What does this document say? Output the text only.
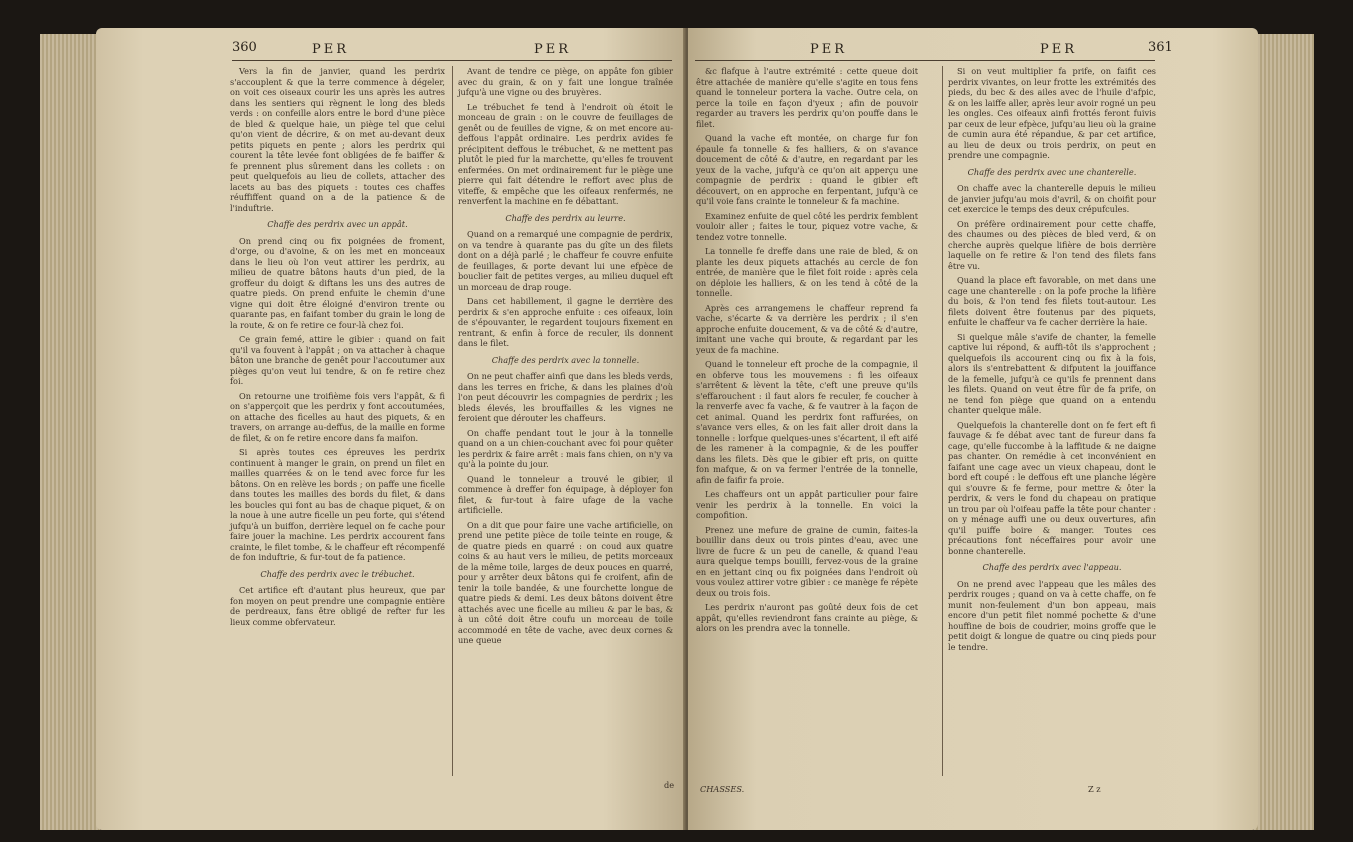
360	PER	PER

Vers la fin de janvier, quand les perdrix s'accouplent & que la terre commence à dégeler, on voit ces oiseaux courir les uns après les autres dans les sentiers qui règnent le long des bleds verds : on confeille alors entre le bord d'une pièce de bled & quelque haie, un piège tel que celui qu'on vient de décrire, & on met au-devant deux petits piquets en pente ; alors les perdrix qui courent la tête levée font obligées de fe baiffer & fe prennent plus sûrement dans les collets : on peut quelquefois au lieu de collets, attacher des lacets au bas des piquets : toutes ces chaffes réuffiffent quand on a de la patience & de l'induftrie.

Chaffe des perdrix avec un appât.

On prend cinq ou fix poignées de froment, d'orge, ou d'avoine, & on les met en monceaux dans le lieu où l'on veut attirer les perdrix, au milieu de quatre bâtons hauts d'un pied, de la groffeur du doigt & diftans les uns des autres de quatre pieds. On prend enfuite le chemin d'une vigne qui doit être éloigné d'environ trente ou quarante pas, en faifant tomber du grain le long de la route, & on fe retire ce four-là chez foi.

Ce grain femé, attire le gibier : quand on fait qu'il va fouvent à l'appât ; on va attacher à chaque bâton une branche de genêt pour l'accoutumer aux pièges qu'on veut lui tendre, & on fe retire chez foi.

On retourne une troifième fois vers l'appât, & fi on s'apperçoit que les perdrix y font accoutumées, on attache des ficelles au haut des piquets, & en travers, on arrange au-deffus, de la maille en forme de filet, & on fe retire encore dans fa maifon.

Si après toutes ces épreuves les perdrix continuent à manger le grain, on prend un filet en mailles quarrées & on le tend avec force fur les bâtons. On en relève les bords ; on paffe une ficelle dans toutes les mailles des bords du filet, & dans les boucles qui font au bas de chaque piquet, & on la noue à une autre ficelle un peu forte, qui s'étend jufqu'à un buiffon, derrière lequel on fe cache pour faire jouer la machine. Les perdrix accourent fans crainte, le filet tombe, & le chaffeur eft récompenfé de fon induftrie, & fur-tout de fa patience.

Chaffe des perdrix avec le trébuchet.

Cet artifice eft d'autant plus heureux, que par fon moyen on peut prendre une compagnie entière de perdreaux, fans être obligé de refter fur les lieux comme obfervateur.

Avant de tendre ce piège, on appâte fon gibier avec du grain, & on y fait une longue traînée jufqu'à une vigne ou des bruyères.

Le trébuchet fe tend à l'endroit où étoit le monceau de grain : on le couvre de feuillages de genêt ou de feuilles de vigne, & on met encore au-deffous l'appât ordinaire. Les perdrix avides fe précipitent deffous le trébuchet, & ne mettent pas plutôt le pied fur la marchette, qu'elles fe trouvent enfermées. On met ordinairement fur le piège une pierre qui fait détendre le reffort avec plus de viteffe, & empêche que les oifeaux renfermés, ne renverfent la machine en fe débattant.

Chaffe des perdrix au leurre.

Quand on a remarqué une compagnie de perdrix, on va tendre à quarante pas du gîte un des filets dont on a déjà parlé ; le chaffeur fe couvre enfuite de feuillages, & porte devant lui une efpèce de bouclier fait de petites verges, au milieu duquel eft un morceau de drap rouge.

Dans cet habillement, il gagne le derrière des perdrix & s'en approche enfuite : ces oifeaux, loin de s'épouvanter, le regardent toujours fixement en rentrant, & enfin à force de reculer, ils donnent dans le filet.

Chaffe des perdrix avec la tonnelle.

On ne peut chaffer ainfi que dans les bleds verds, dans les terres en friche, & dans les plaines d'où l'on peut découvrir les compagnies de perdrix ; les bleds élevés, les brouffailles & les vignes ne feroient que dérouter les chaffeurs.

On chaffe pendant tout le jour à la tonnelle quand on a un chien-couchant avec foi pour quêter les perdrix & faire arrêt : mais fans chien, on n'y va qu'à la pointe du jour.

Quand le tonneleur a trouvé le gibier, il commence à dreffer fon équipage, à déployer fon filet, & fur-tout à faire ufage de la vache artificielle.

On a dit que pour faire une vache artificielle, on prend une petite pièce de toile teinte en rouge, & de quatre pieds en quarré : on coud aux quatre coins & au haut vers le milieu, de petits morceaux de la même toile, larges de deux pouces en quarré, pour y arrêter deux bâtons qui fe croifent, afin de tenir la toile bandée, & une fourchette longue de quatre pieds & demi. Les deux bâtons doivent être attachés avec une ficelle au milieu & par le bas, & à un côté doit être coufu un morceau de toile accommodé en tête de vache, avec deux cornes & une queue

de
PER	PER	361

&c flafque à l'autre extrémité : cette queue doit être attachée de manière qu'elle s'agite en tous fens quand le tonneleur portera la vache. Outre cela, on perce la toile en façon d'yeux ; afin de pouvoir regarder au travers les perdrix qu'on pouffe dans le filet.

Quand la vache eft montée, on charge fur fon épaule fa tonnelle & fes halliers, & on s'avance doucement de côté & d'autre, en regardant par les yeux de la vache, jufqu'à ce qu'on ait apperçu une compagnie de perdrix : quand le gibier eft découvert, on en approche en ferpentant, jufqu'à ce qu'il voie fans crainte le tonneleur & fa machine.

Examinez enfuite de quel côté les perdrix femblent vouloir aller ; faites le tour, piquez votre vache, & tendez votre tonnelle.

La tonnelle fe dreffe dans une raie de bled, & on plante les deux piquets attachés au cercle de fon entrée, de manière que le filet foit roide : après cela on déploie les halliers, & on les tend à côté de la tonnelle.

Après ces arrangemens le chaffeur reprend fa vache, s'écarte & va derrière les perdrix ; il s'en approche enfuite doucement, & va de côté & d'autre, imitant une vache qui broute, & regardant par les yeux de fa machine.

Quand le tonneleur eft proche de la compagnie, il en obferve tous les mouvemens : fi les oifeaux s'arrêtent & lèvent la tête, c'eft une preuve qu'ils s'effarouchent : il faut alors fe reculer, fe coucher à la renverfe avec fa vache, & fe vautrer à la façon de cet animal. Quand les perdrix font raffurées, on s'avance vers elles, & on les fait aller droit dans la tonnelle : lorfque quelques-unes s'écartent, il eft aifé de les ramener à la compagnie, & de les pouffer dans les filets. Dès que le gibier eft pris, on quitte fon mafque, & on va fermer l'entrée de la tonnelle, afin de faifir fa proie.

Les chaffeurs ont un appât particulier pour faire venir les perdrix à la tonnelle. En voici la compofition.

Prenez une mefure de graine de cumin, faites-la bouillir dans deux ou trois pintes d'eau, avec une livre de fucre & un peu de canelle, & quand l'eau aura quelque temps bouilli, fervez-vous de la graine en en jettant cinq ou fix poignées dans l'endroit où vous voulez attirer votre gibier : ce manège fe répète deux ou trois fois.

Les perdrix n'auront pas goûté deux fois de cet appât, qu'elles reviendront fans crainte au piège, & alors on les prendra avec la tonnelle.

Si on veut multiplier fa prife, on faifit ces perdrix vivantes, on leur frotte les extrémités des pieds, du bec & des ailes avec de l'huile d'afpic, & on les laiffe aller, après leur avoir rogné un peu les ongles. Ces oifeaux ainfi frottés feront fuivis par ceux de leur efpèce, jufqu'au lieu où la graine de cumin aura été répandue, & par cet artifice, au lieu de deux ou trois perdrix, on peut en prendre une compagnie.

Chaffe des perdrix avec une chanterelle.

On chaffe avec la chanterelle depuis le milieu de janvier jufqu'au mois d'avril, & on choifit pour cet exercice le temps des deux crépufcules.

On préfère ordinairement pour cette chaffe, des chaumes ou des pièces de bled verd, & on cherche auprès quelque lifière de bois derrière laquelle on fe retire & l'on tend des filets fans être vu.

Quand la place eft favorable, on met dans une cage une chanterelle : on la pofe proche la lifière du bois, & l'on tend fes filets tout-autour. Les filets doivent être foutenus par des piquets, enfuite le chaffeur va fe cacher derrière la haie.

Si quelque mâle s'avife de chanter, la femelle captive lui répond, & auffi-tôt ils s'approchent ; quelquefois ils accourent cinq ou fix à la fois, alors ils s'entrebattent & difputent la jouiffance de la femelle, jufqu'à ce qu'ils fe prennent dans les filets. Quand on veut être fûr de fa prife, on ne tend fon piège que quand on a entendu chanter quelque mâle.

Quelquefois la chanterelle dont on fe fert eft fi fauvage & fe débat avec tant de fureur dans fa cage, qu'elle fuccombe à la laffitude & ne daigne pas chanter. On remédie à cet inconvénient en faifant une cage avec un vieux chapeau, dont le bord eft coupé : le deffous eft une planche légère qui s'ouvre & fe ferme, pour mettre & ôter la perdrix, & vers le fond du chapeau on pratique un trou par où l'oifeau paffe la tête pour chanter : on y ménage auffi une ou deux ouvertures, afin qu'il puiffe boire & manger. Toutes ces précautions font néceffaires pour avoir une bonne chanterelle.

Chaffe des perdrix avec l'appeau.

On ne prend avec l'appeau que les mâles des perdrix rouges ; quand on va à cette chaffe, on fe munit non-feulement d'un bon appeau, mais encore d'un petit filet nommé pochette & d'une houffine de bois de coudrier, moins groffe que le petit doigt & longue de quatre ou cinq pieds pour le tendre.

CHASSES.	Z z
